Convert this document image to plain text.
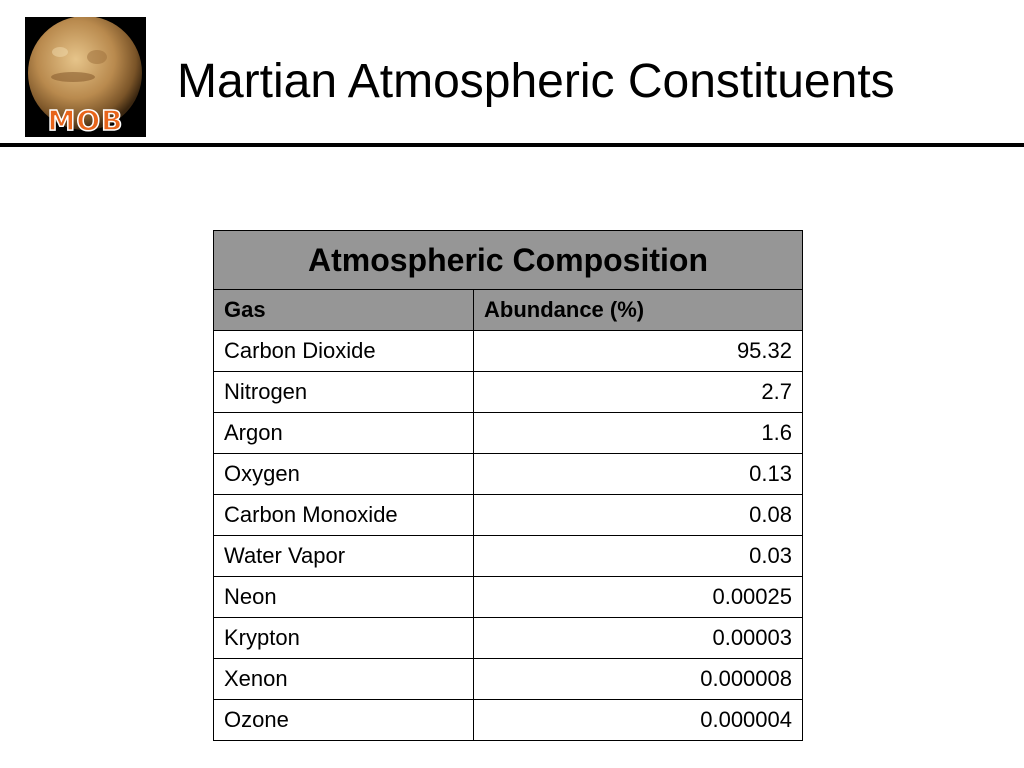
MOB
Martian Atmospheric Constituents
Atmospheric Composition	
Gas	Abundance (%)
Carbon Dioxide	95.32
Nitrogen	2.7
Argon	1.6
Oxygen	0.13
Carbon Monoxide	0.08
Water Vapor	0.03
Neon	0.00025
Krypton	0.00003
Xenon	0.000008
Ozone	0.000004
